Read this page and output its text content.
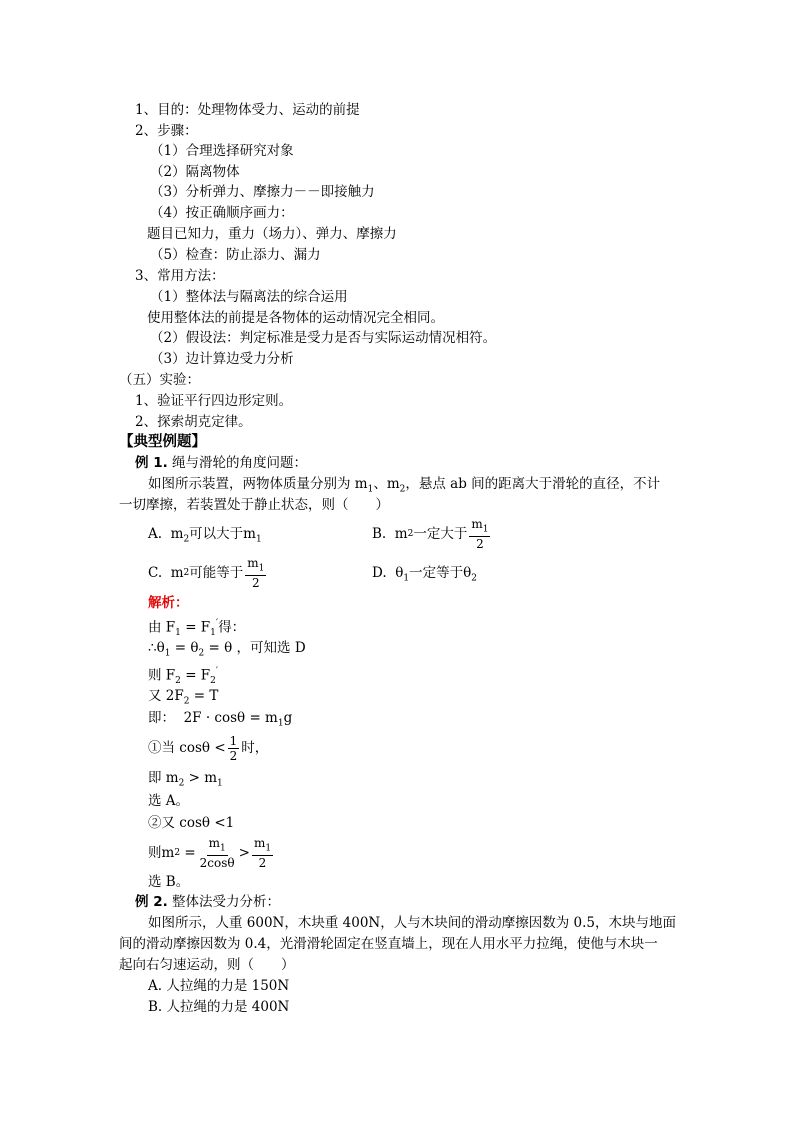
1、目的：处理物体受力、运动的前提
2、步骤：
（1）合理选择研究对象
（2）隔离物体
（3）分析弹力、摩擦力－－即接触力
（4）按正确顺序画力：
题目已知力，重力（场力）、弹力、摩擦力
（5）检查：防止添力、漏力
3、常用方法：
（1）整体法与隔离法的综合运用
使用整体法的前提是各物体的运动情况完全相同。
（2）假设法：判定标准是受力是否与实际运动情况相符。
（3）边计算边受力分析
（五）实验：
1、验证平行四边形定则。
2、探索胡克定律。
【典型例题】
例 1. 绳与滑轮的角度问题：
如图所示装置，两物体质量分别为 $m_1$、$m_2$，悬点 ab 间的距离大于滑轮的直径，不计
一切摩擦，若装置处于静止状态，则（　　）
A.  $m_2$可以大于$m_1$	B. m 2 一定大于 $\frac{m_1}{2}$
C. m 2 可能等于 $\frac{m_1}{2}$	D.  $\theta_1$一定等于$\theta_2$
解析：
由 $F_1 = F_1'$得：
$\therefore\theta_1 = \theta_2 = \theta$ ，可知选 D
则 $F_2 = F_2'$
又 $2F_2 = T$
即：  $2F \cdot \cos\theta = m_1g$
①当 $\cos\theta < \frac{1}{2}$ 时，
即 $m_2 > m_1$
选 A。
②又 cosθ <1
则 m $2 = \frac{m_1}{2\cos\theta} > \frac{m_1}{2}$
选 B。
例 2. 整体法受力分析：
如图所示，人重 600N，木块重 400N，人与木块间的滑动摩擦因数为 0.5，木块与地面
间的滑动摩擦因数为 0.4，光滑滑轮固定在竖直墙上，现在人用水平力拉绳，使他与木块一
起向右匀速运动，则（　　）
A. 人拉绳的力是 150N
B. 人拉绳的力是 400N
